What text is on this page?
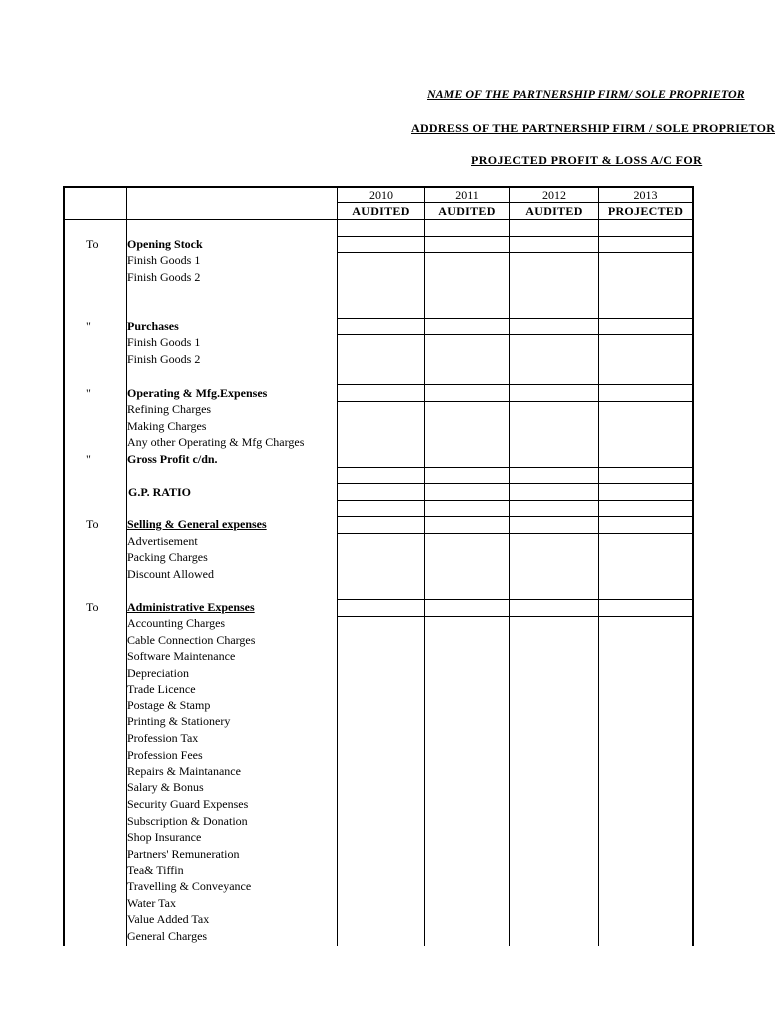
NAME OF THE PARTNERSHIP FIRM/ SOLE PROPRIETOR
ADDRESS OF THE PARTNERSHIP FIRM / SOLE PROPRIETOR
PROJECTED PROFIT & LOSS A/C FOR
2010	2011	2012	2013
AUDITED	AUDITED	AUDITED	PROJECTED
To Opening Stock
Finish Goods 1
Finish Goods 2
"	Purchases
Finish Goods 1
Finish Goods 2
"	Operating & Mfg.Expenses
Refining Charges
Making Charges
Any other Operating & Mfg Charges
"	Gross Profit c/dn.
G.P. RATIO
To Selling & General expenses
Advertisement
Packing Charges
Discount Allowed
To Administrative Expenses
Accounting Charges
Cable Connection Charges
Software Maintenance
Depreciation
Trade Licence
Postage & Stamp
Printing & Stationery
Profession Tax
Profession Fees
Repairs & Maintanance
Salary & Bonus
Security Guard Expenses
Subscription & Donation
Shop Insurance
Partners' Remuneration
Tea& Tiffin
Travelling & Conveyance
Water Tax
Value Added Tax
General Charges
